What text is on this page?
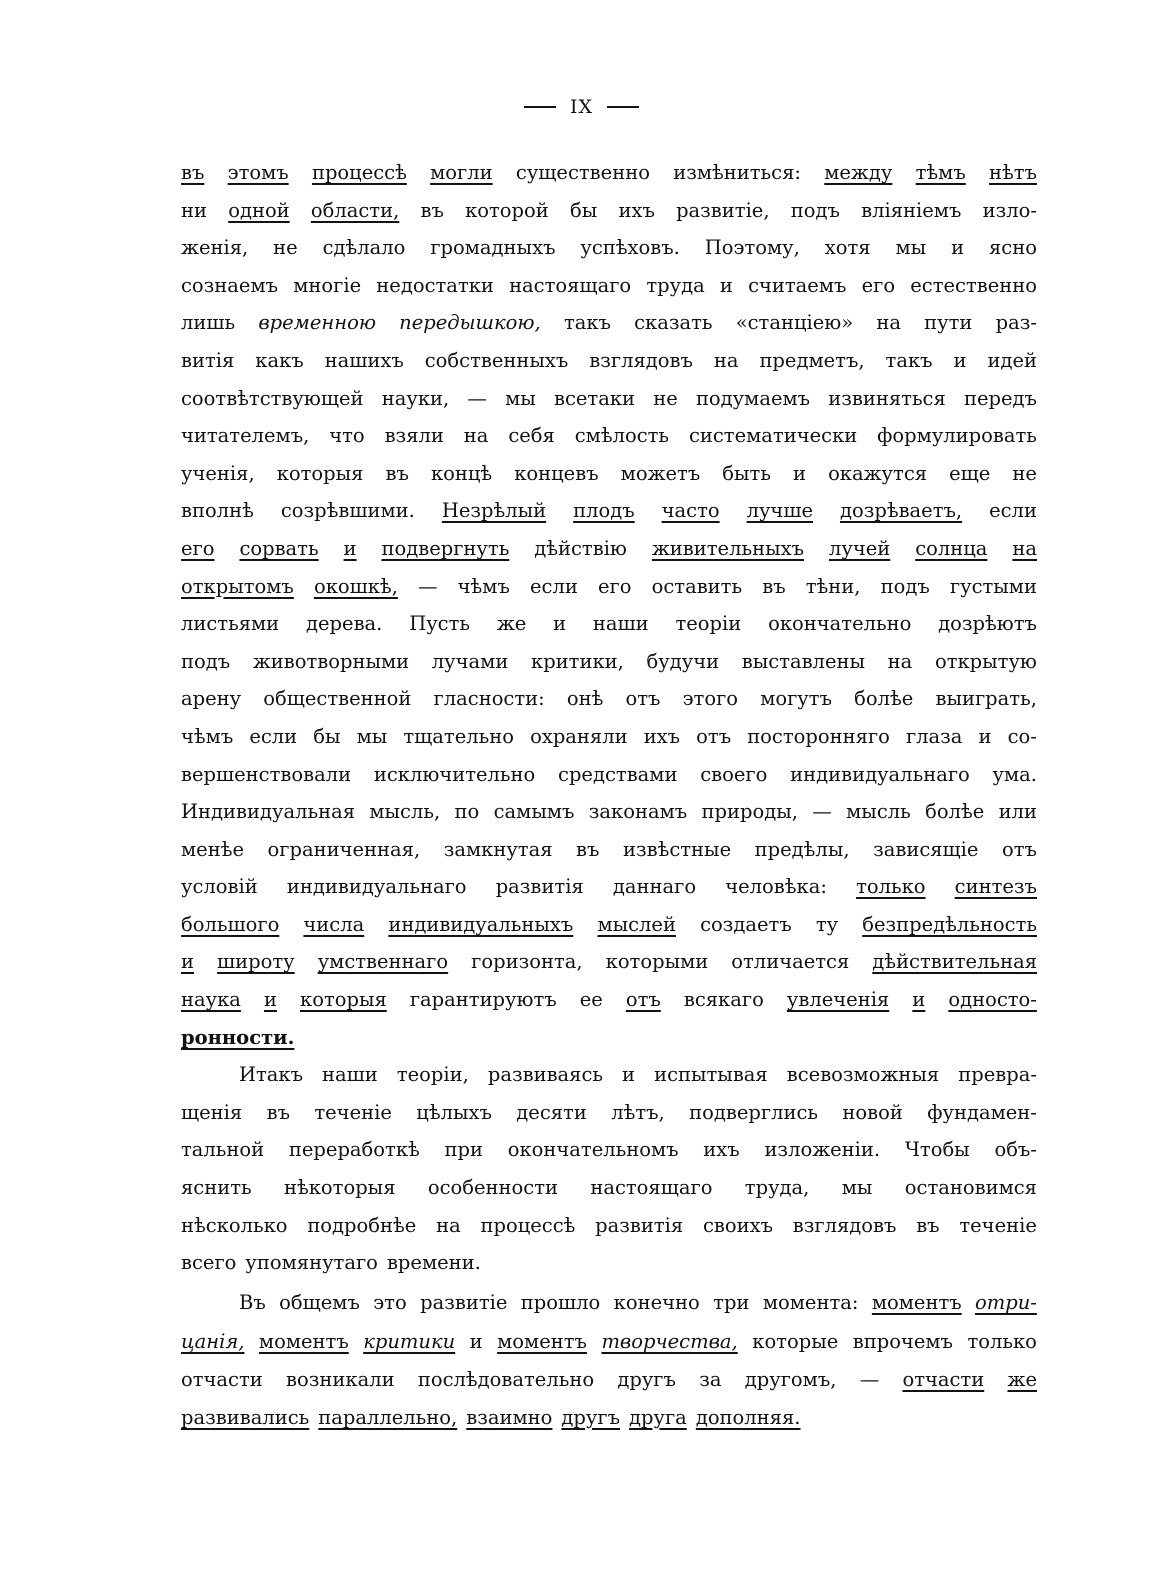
IX
въ этомъ процессѣ могли существенно измѣниться: между тѣмъ нѣтъ
ни одной области, въ которой бы ихъ развитіе, подъ вліяніемъ изло-
женія, не сдѣлало громадныхъ успѣховъ. Поэтому, хотя мы и ясно
сознаемъ многіе недостатки настоящаго труда и считаемъ его естественно
лишь временною передышкою, такъ сказать «станціею» на пути раз-
витія какъ нашихъ собственныхъ взглядовъ на предметъ, такъ и идей
соотвѣтствующей науки, — мы всетаки не подумаемъ извиняться передъ
читателемъ, что взяли на себя смѣлость систематически формулировать
ученія, которыя въ концѣ концевъ можетъ быть и окажутся еще не
вполнѣ созрѣвшими. Незрѣлый плодъ часто лучше дозрѣваетъ, если
его сорвать и подвергнуть дѣйствію живительныхъ лучей солнца на
открытомъ окошкѣ, — чѣмъ если его оставить въ тѣни, подъ густыми
листьями дерева. Пусть же и наши теоріи окончательно дозрѣютъ
подъ животворными лучами критики, будучи выставлены на открытую
арену общественной гласности: онѣ отъ этого могутъ болѣе выиграть,
чѣмъ если бы мы тщательно охраняли ихъ отъ посторонняго глаза и со-
вершенствовали исключительно средствами своего индивидуальнаго ума.
Индивидуальная мысль, по самымъ законамъ природы, — мысль болѣе или
менѣе ограниченная, замкнутая въ извѣстные предѣлы, зависящіе отъ
условій индивидуальнаго развитія даннаго человѣка: только синтезъ
большого числа индивидуальныхъ мыслей создаетъ ту безпредѣльность
и широту умственнаго горизонта, которыми отличается дѣйствительная
наука и которыя гарантируютъ ее отъ всякаго увлеченія и односто-
ронности.
Итакъ наши теоріи, развиваясь и испытывая всевозможныя превра-
щенія въ теченіе цѣлыхъ десяти лѣтъ, подверглись новой фундамен-
тальной переработкѣ при окончательномъ ихъ изложеніи. Чтобы объ-
яснить нѣкоторыя особенности настоящаго труда, мы остановимся
нѣсколько подробнѣе на процессѣ развитія своихъ взглядовъ въ теченіе
всего упомянутаго времени.
Въ общемъ это развитіе прошло конечно три момента: моментъ отри-
цанія, моментъ критики и моментъ творчества, которые впрочемъ только
отчасти возникали послѣдовательно другъ за другомъ, — отчасти же
развивались параллельно, взаимно другъ друга дополняя.
